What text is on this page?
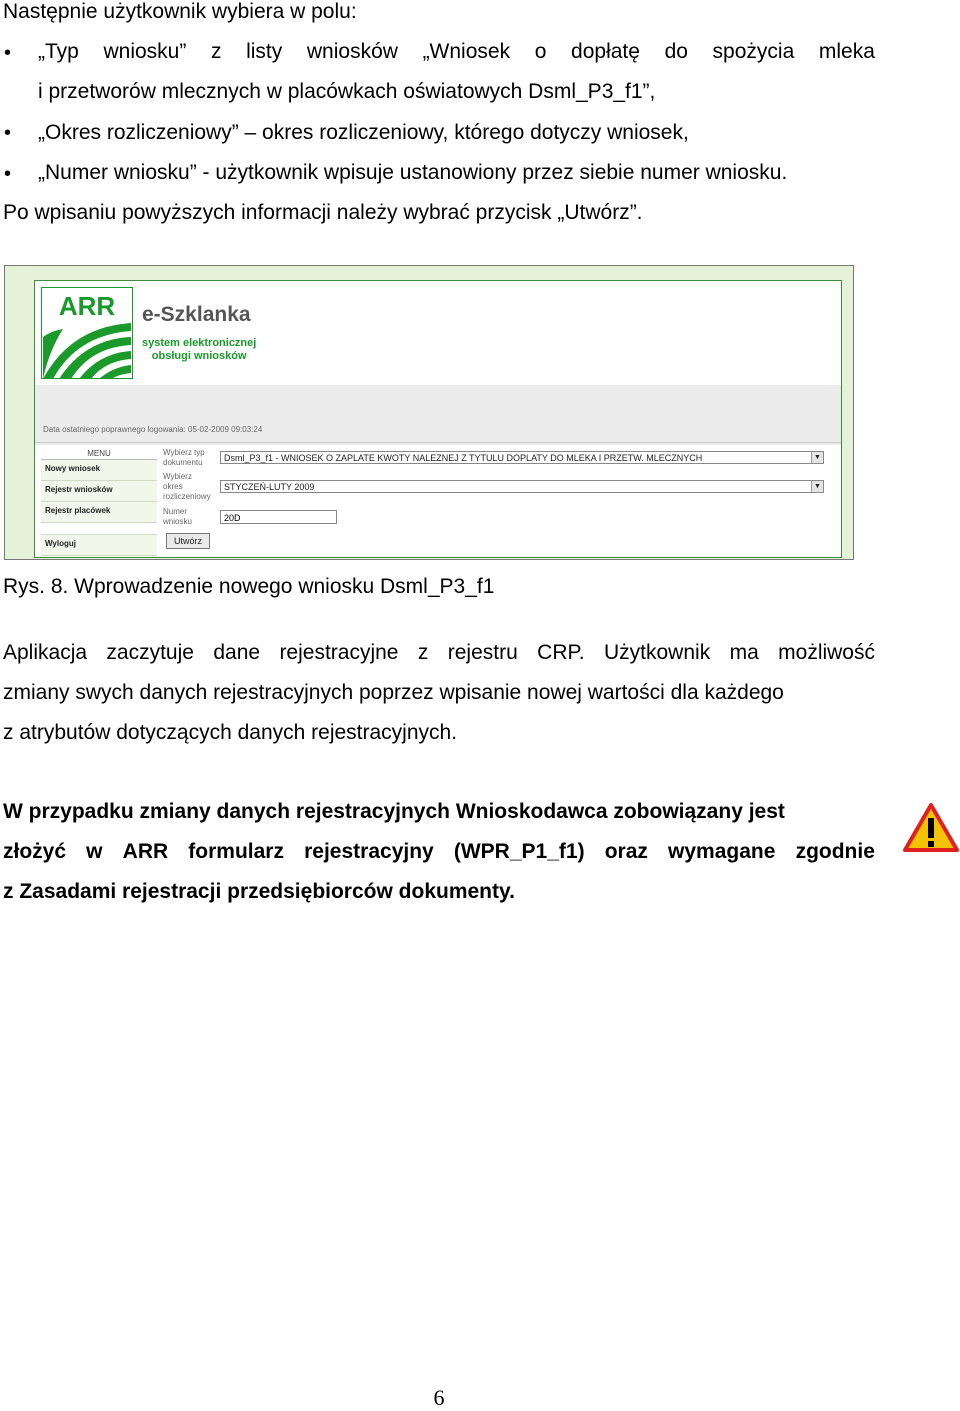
Następnie użytkownik wybiera w polu:
• „Typ wniosku” z listy wniosków „Wniosek o dopłatę do spożycia mleka
i przetworów mlecznych w placówkach oświatowych Dsml_P3_f1”,
• „Okres rozliczeniowy” – okres rozliczeniowy, którego dotyczy wniosek,
• „Numer wniosku” - użytkownik wpisuje ustanowiony przez siebie numer wniosku.
Po wpisaniu powyższych informacji należy wybrać przycisk „Utwórz”.
ARR e-Szklanka
system elektronicznej
obsługi wniosków
Data ostatniego poprawnego logowania: 05-02-2009 09:03:24
MENU
Nowy wniosek
Rejestr wniosków
Rejestr placówek
Wyloguj
Wybierz typ
dokumentu	Dsml_P3_f1 - WNIOSEK O ZAPLATE KWOTY NALEZNEJ Z TYTULU DOPLATY DO MLEKA I PRZETW. MLECZNYCH	▼
Wybierz
okres
rozliczeniowy
STYCZEŃ-LUTY 2009	▼
Numer
wniosku	20D
Utwórz
Rys. 8. Wprowadzenie nowego wniosku Dsml_P3_f1
Aplikacja zaczytuje dane rejestracyjne z rejestru CRP. Użytkownik ma możliwość
zmiany swych danych rejestracyjnych poprzez wpisanie nowej wartości dla każdego
z atrybutów dotyczących danych rejestracyjnych.
W przypadku zmiany danych rejestracyjnych Wnioskodawca zobowiązany jest
złożyć w ARR formularz rejestracyjny (WPR_P1_f1) oraz wymagane zgodnie
z Zasadami rejestracji przedsiębiorców dokumenty.
6
